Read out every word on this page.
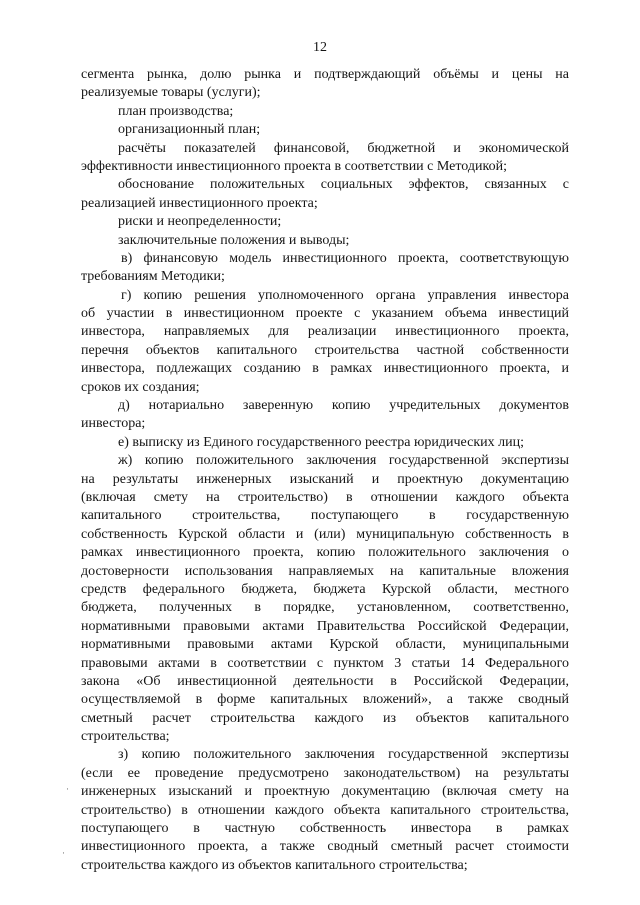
12
сегмента рынка, долю рынка и подтверждающий объёмы и цены на
реализуемые товары (услуги);
план производства;
организационный план;
расчёты показателей финансовой, бюджетной и экономической
эффективности инвестиционного проекта в соответствии с Методикой;
обоснование положительных социальных эффектов, связанных с
реализацией инвестиционного проекта;
риски и неопределенности;
заключительные положения и выводы;
в) финансовую модель инвестиционного проекта, соответствующую
требованиям Методики;
г) копию решения уполномоченного органа управления инвестора
об участии в инвестиционном проекте с указанием объема инвестиций
инвестора, направляемых для реализации инвестиционного проекта,
перечня объектов капитального строительства частной собственности
инвестора, подлежащих созданию в рамках инвестиционного проекта, и
сроков их создания;
д) нотариально заверенную копию учредительных документов
инвестора;
е) выписку из Единого государственного реестра юридических лиц;
ж) копию положительного заключения государственной экспертизы
на результаты инженерных изысканий и проектную документацию
(включая смету на строительство) в отношении каждого объекта
капитального строительства, поступающего в государственную
собственность Курской области и (или) муниципальную собственность в
рамках инвестиционного проекта, копию положительного заключения о
достоверности использования направляемых на капитальные вложения
средств федерального бюджета, бюджета Курской области, местного
бюджета, полученных в порядке, установленном, соответственно,
нормативными правовыми актами Правительства Российской Федерации,
нормативными правовыми актами Курской области, муниципальными
правовыми актами в соответствии с пунктом 3 статьи 14 Федерального
закона «Об инвестиционной деятельности в Российской Федерации,
осуществляемой в форме капитальных вложений», а также сводный
сметный расчет строительства каждого из объектов капитального
строительства;
з) копию положительного заключения государственной экспертизы
(если ее проведение предусмотрено законодательством) на результаты
инженерных изысканий и проектную документацию (включая смету на
строительство) в отношении каждого объекта капитального строительства,
поступающего в частную собственность инвестора в рамках
инвестиционного проекта, а также сводный сметный расчет стоимости
строительства каждого из объектов капитального строительства;
·
·
